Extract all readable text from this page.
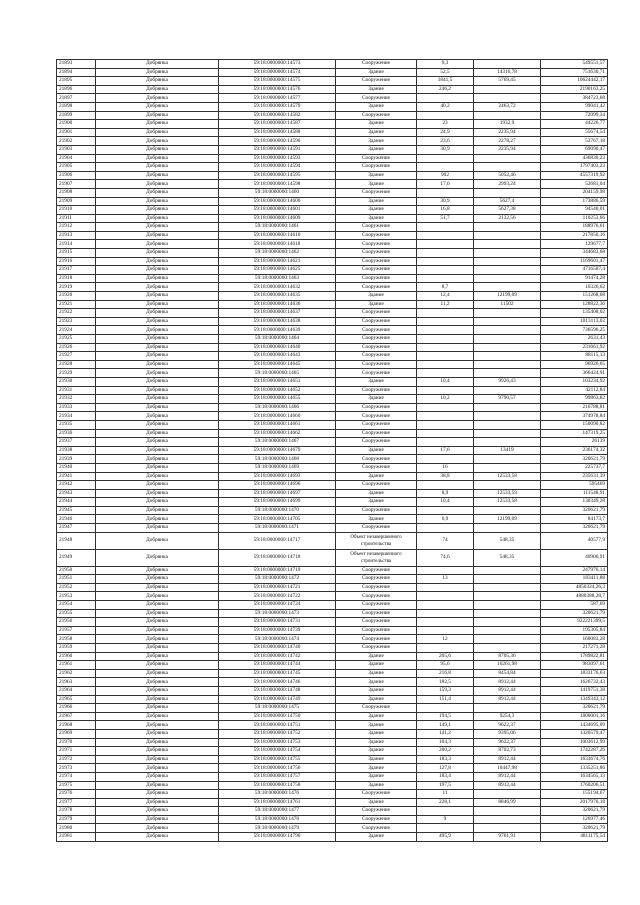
21893	Добрянка	59:18:0000000:14573	Сооружение	9,3		549551,57
21894	Добрянка	59:18:0000000:14574	Здание	52,5	14316,78	751630,71
21895	Добрянка	59:18:0000000:14575	Сооружение	1841,5	5769,45	10624442,17
21896	Добрянка	59:18:0000000:14576	Здание	246,2		2190163,25
21897	Добрянка	59:18:0000000:14577	Сооружение			384723,68
21898	Добрянка	59:18:0000000:14579	Здание	40,2	2463,72	99041,42
21899	Добрянка	59:18:0000000:14582	Сооружение			72099,34
21900	Добрянка	59:18:0000000:14587	Здание	23	1932,9	44226,77
21901	Добрянка	59:18:0000000:14588	Здание	24,9	2235,94	55674,54
21902	Добрянка	59:18:0000000:14590	Здание	23,6	2278,27	53767,18
21903	Добрянка	59:18:0000000:14591	Здание	30,9	2235,94	69090,47
21904	Добрянка	59:18:0000000:14593	Сооружение			436830,23
21905	Добрянка	59:18:0000000:14594	Сооружение			1797403,23
21906	Добрянка	59:18:0000000:14595	Здание	902	5052,46	4557319,92
21907	Добрянка	59:18:0000000:14598	Здание	17,6	2993,24	52681,04
21908	Добрянка	59:18:0000000:1460	Сооружение			204159,98
21909	Добрянка	59:18:0000000:14600	Здание	30,9	5627,4	173886,59
21910	Добрянка	59:18:0000000:14601	Здание	16,8	5627,38	94540,01
21911	Добрянка	59:18:0000000:14609	Здание	51,7	2132,56	110253,66
21912	Добрянка	59:18:0000000:1461	Сооружение			188976,61
21913	Добрянка	59:18:0000000:14610	Сооружение			217850,16
21914	Добрянка	59:18:0000000:14618	Сооружение			129677,7
21915	Добрянка	59:18:0000000:1462	Сооружение			344683,68
21916	Добрянка	59:18:0000000:14621	Сооружение			1169601,47
21917	Добрянка	59:18:0000000:14625	Сооружение			4716587,4
21918	Добрянка	59:18:0000000:1463	Сооружение			91474,28
21919	Добрянка	59:18:0000000:14632	Сооружение	8,7		10326,62
21920	Добрянка	59:18:0000000:14635	Здание	12,4	12199,09	151268,68
21921	Добрянка	59:18:0000000:14636	Здание	11,2	11502	128822,36
21922	Добрянка	59:18:0000000:14637	Сооружение			135408,02
21923	Добрянка	59:18:0000000:14638	Сооружение			1013113,02
21924	Добрянка	59:18:0000000:14639	Сооружение			736596,25
21925	Добрянка	59:18:0000000:1464	Сооружение			2631,43
21926	Добрянка	59:18:0000000:14640	Сооружение			231661,92
21927	Добрянка	59:18:0000000:14643	Сооружение			88115,13
21928	Добрянка	59:18:0000000:14645	Сооружение			96926,65
21929	Добрянка	59:18:0000000:1465	Сооружение			366424,91
21930	Добрянка	59:18:0000000:14651	Здание	10,4	9926,43	103234,92
21931	Добрянка	59:18:0000000:14652	Сооружение			42112,84
21932	Добрянка	59:18:0000000:14655	Здание	10,2	9790,57	99863,82
21933	Добрянка	59:18:0000000:1466	Сооружение			216788,81
21934	Добрянка	59:18:0000000:14660	Сооружение			374978,84
21935	Добрянка	59:18:0000000:14661	Сооружение			150090,82
21936	Добрянка	59:18:0000000:14662	Сооружение			147319,25
21937	Добрянка	59:18:0000000:1467	Сооружение			26139
21938	Добрянка	59:18:0000000:14679	Здание	17,6	13419	236174,32
21939	Добрянка	59:18:0000000:1468	Сооружение			320621,79
21940	Добрянка	59:18:0000000:1469	Сооружение	16		225737,7
21941	Добрянка	59:18:0000000:14693	Здание	38,8	12533,58	235631,39
21942	Добрянка	59:18:0000000:14696	Сооружение			595469
21943	Добрянка	59:18:0000000:14697	Здание	8,9	12533,59	111548,91
21944	Добрянка	59:18:0000000:14699	Здание	10,4	12533,58	130349,28
21945	Добрянка	59:18:0000000:1470	Сооружение			320621,79
21946	Добрянка	59:18:0000000:14705	Здание	6,9	12199,09	84173,7
21947	Добрянка	59:18:0000000:1471	Сооружение			320621,79
21948	Добрянка	59:18:0000000:14717	Объект незавершенного строительства	74	548,35	40577,9
21949	Добрянка	59:18:0000000:14718	Объект незавершенного строительства	74,6	548,35	40906,91
21950	Добрянка	59:18:0000000:14719	Сооружение			247976,14
21951	Добрянка	59:18:0000000:1472	Сооружение	13		183411,88
21952	Добрянка	59:18:0000000:14721	Сооружение			4850324,26,3
21953	Добрянка	59:18:0000000:14722	Сооружение			4880388,28,7
21954	Добрянка	59:18:0000000:14724	Сооружение			587,69
21955	Добрянка	59:18:0000000:1473	Сооружение			320621,79
21956	Добрянка	59:18:0000000:14731	Сооружение			922221399,5
21957	Добрянка	59:18:0000000:14739	Сооружение			195305,84
21958	Добрянка	59:18:0000000:1474	Сооружение	12		160083,28
21959	Добрянка	59:18:0000000:14740	Сооружение			217271,28
21960	Добрянка	59:18:0000000:14742	Здание	205,6	8705,36	1789822,81
21961	Добрянка	59:18:0000000:14744	Здание	95,6	10261,98	983097,61
21962	Добрянка	59:18:0000000:14745	Здание	216,8	8454,84	1833176,63
21963	Добрянка	59:18:0000000:14746	Здание	182,5	8912,44	1626732,43
21964	Добрянка	59:18:0000000:14748	Здание	159,3	8912,44	1419751,38
21965	Добрянка	59:18:0000000:14749	Здание	151,4	8912,44	1349343,12
21966	Добрянка	59:18:0000000:1475	Сооружение			320621,79
21967	Добрянка	59:18:0000000:14750	Здание	194,5	9254,3	1800001,16
21968	Добрянка	59:18:0000000:14751	Здание	149,1	9622,37	1434695,09
21969	Добрянка	59:18:0000000:14752	Здание	141,2	9395,06	1326579,47
21970	Добрянка	59:18:0000000:14753	Здание	104,3	9622,37	1003612,99
21971	Добрянка	59:18:0000000:14754	Здание	200,2	8702,73	1742287,26
21972	Добрянка	59:18:0000000:14755	Здание	183,3	8912,44	1633674,76
21973	Добрянка	59:18:0000000:14756	Здание	127,8	10447,98	1335251,86
21974	Добрянка	59:18:0000000:14757	Здание	183,4	8912,44	1634565,13
21975	Добрянка	59:18:0000000:14758	Здание	197,5	8912,44	1760206,51
21976	Добрянка	59:18:0000000:1476	Сооружение	11		155194,67
21977	Добрянка	59:18:0000000:14761	Здание	228,1	8846,99	2017976,18
21978	Добрянка	59:18:0000000:1477	Сооружение			320621,79
21979	Добрянка	59:18:0000000:1478	Сооружение	9		126977,46
21980	Добрянка	59:18:0000000:1479	Сооружение			320621,79
21981	Добрянка	59:18:0000000:14790	Здание	495,9	9701,91	4811175,54
